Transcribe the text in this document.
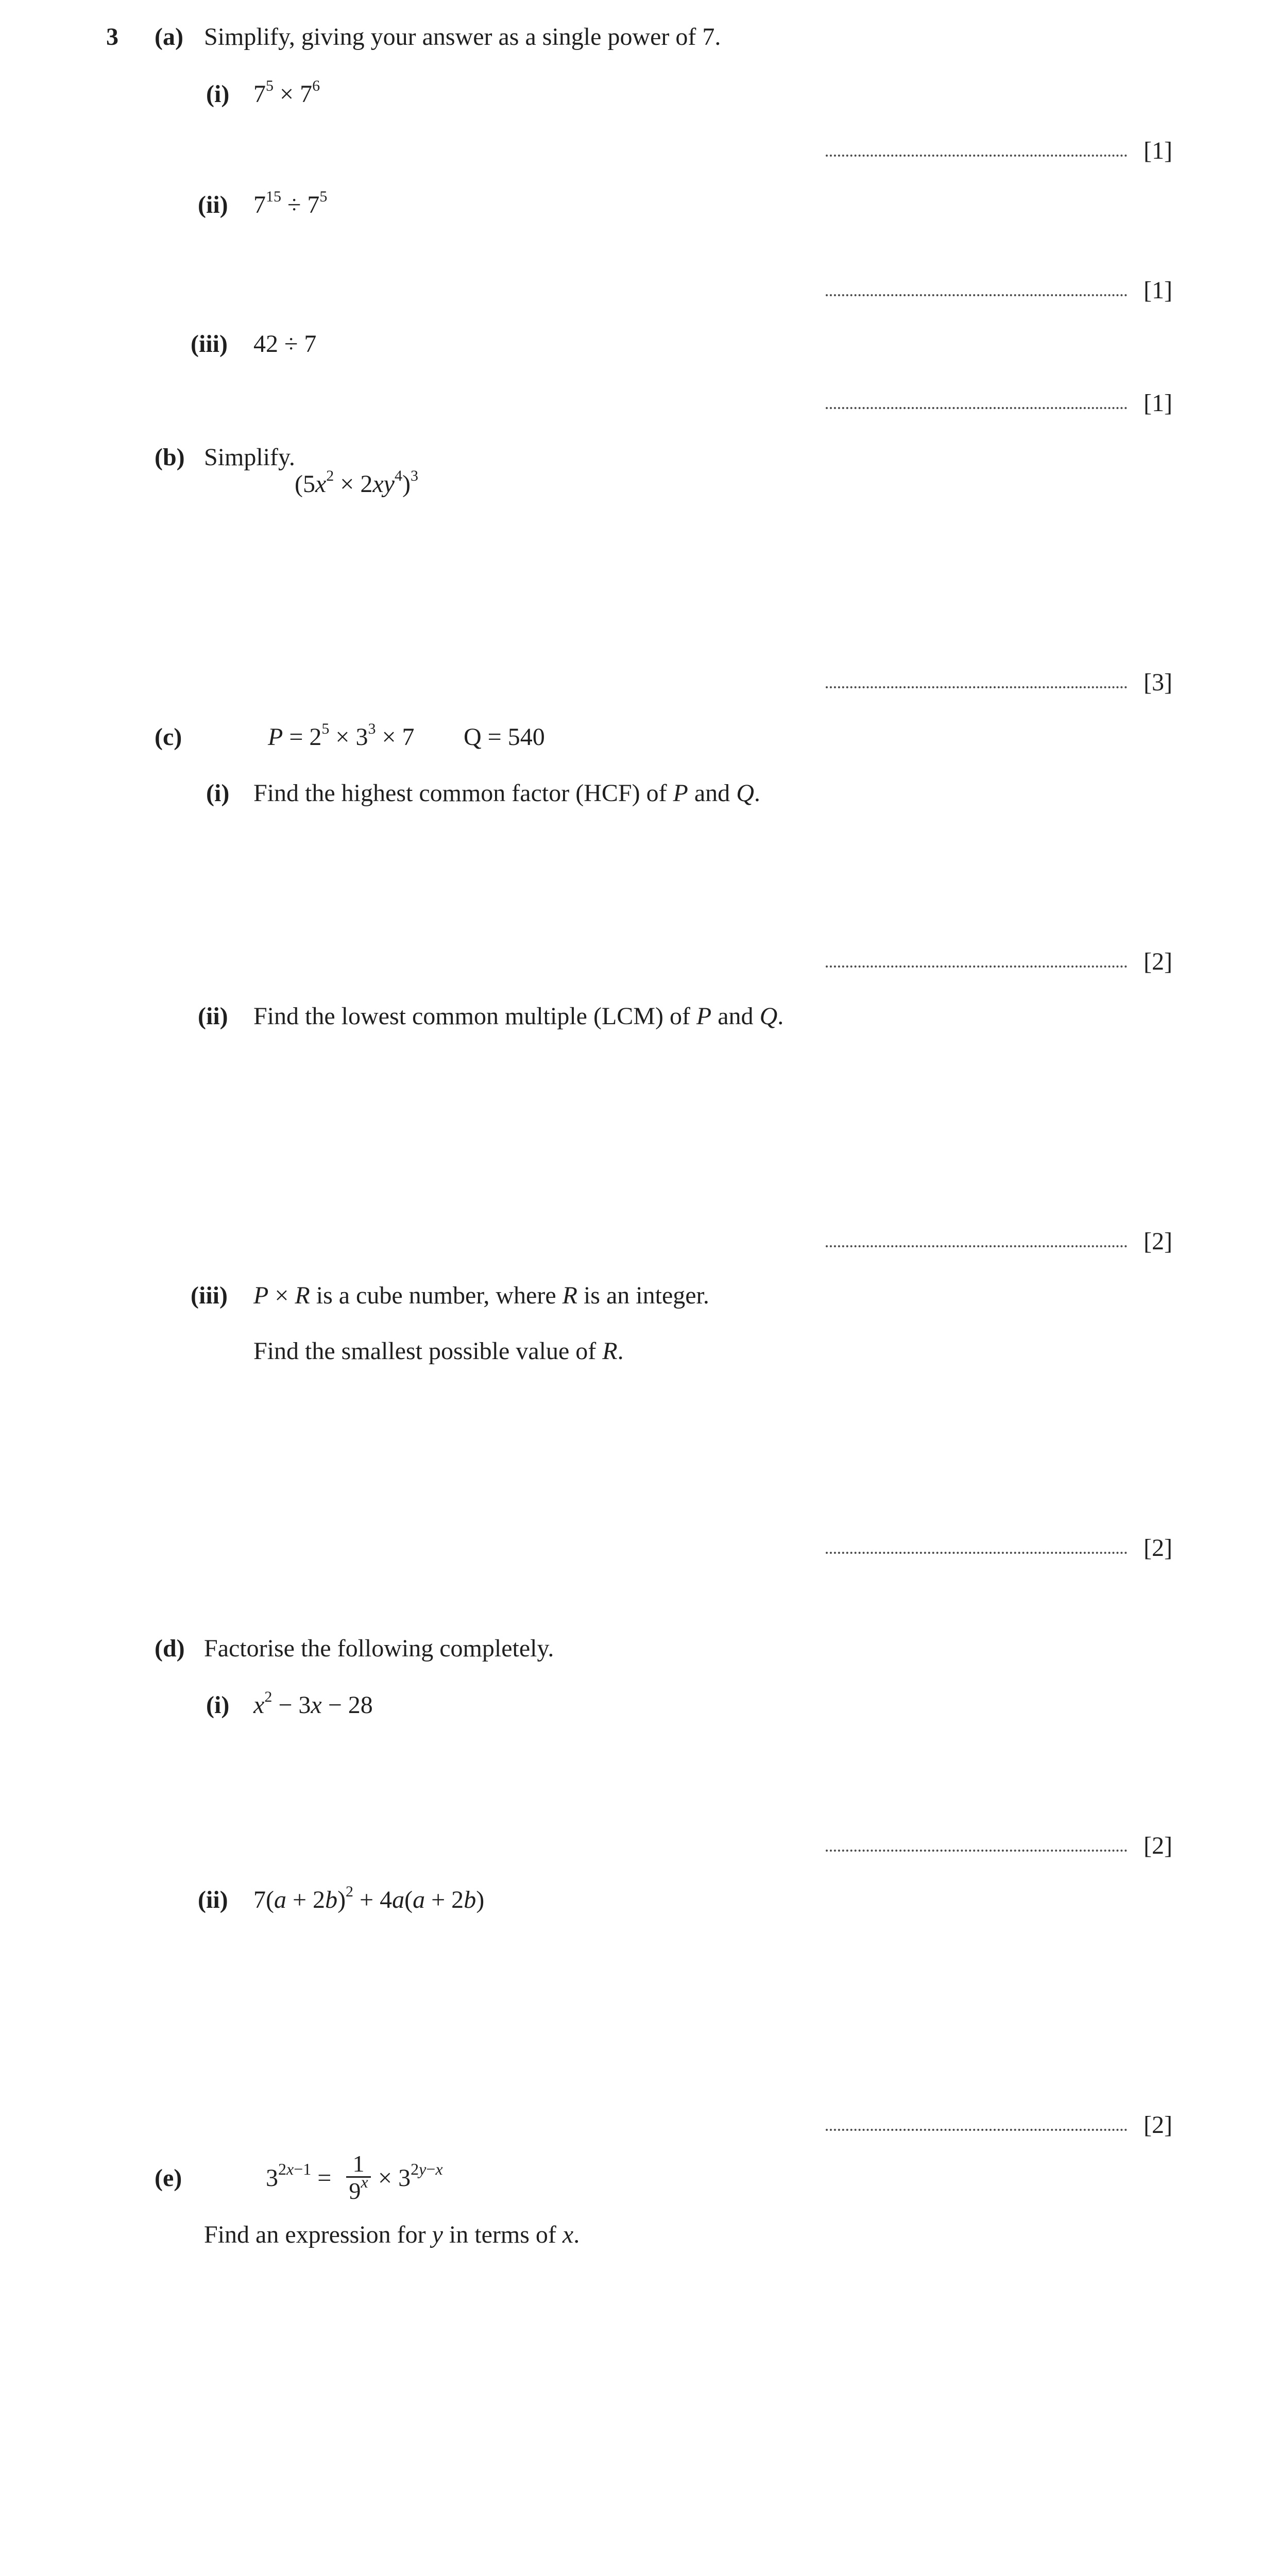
3 (a) Simplify, giving your answer as a single power of 7.
(i) $7^5 \times 7^6$
[1]
(ii) $7^{15} \div 7^5$
[1]
(iii) 42 ÷ 7
[1]
(b) Simplify.
$(5x^2 \times 2xy^4)^3$
[3]
(c)	$P = 2^5 \times 3^3 \times 7$ Q = 540
(i) Find the highest common factor (HCF) of P and Q.
[2]
(ii) Find the lowest common multiple (LCM) of P and Q.
[2]
(iii) P × R is a cube number, where R is an integer.
Find the smallest possible value of R.
[2]
(d) Factorise the following completely.
(i) $x^2 - 3x - 28$
[2]
(ii) $7(a + 2b)^2 + 4a(a + 2b)$
[2]
(e)	$3^{2x-1}$ =
1
$9^x \times 3^{2y-x}$
Find an expression for y in terms of x.
